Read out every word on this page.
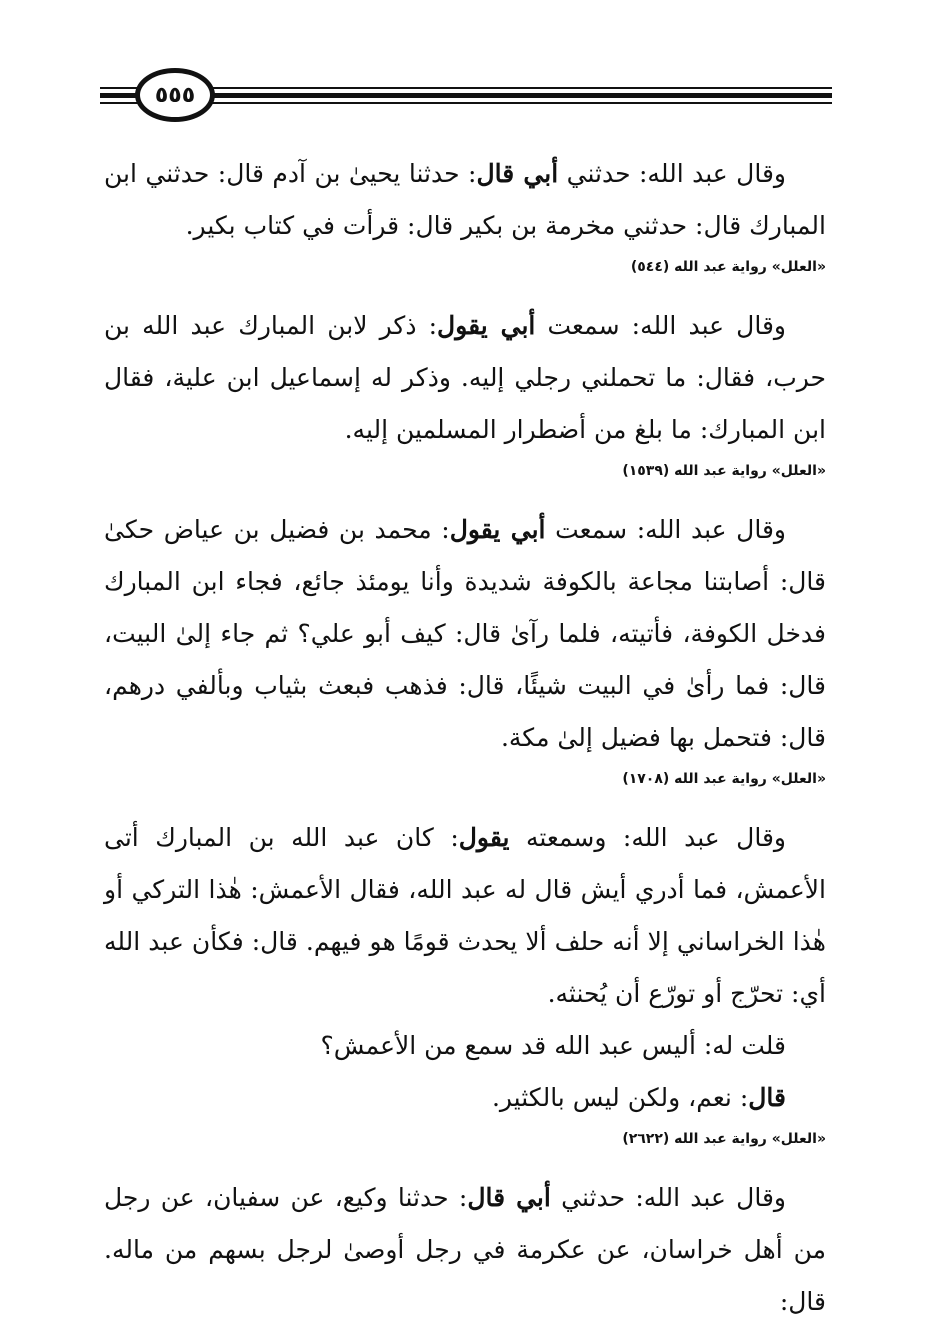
٥٥٥

وقال عبد الله: حدثني أبي قال: حدثنا يحيىٰ بن آدم قال: حدثني ابن المبارك قال: حدثني مخرمة بن بكير قال: قرأت في كتاب بكير.

«العلل» رواية عبد الله (٥٤٤)

وقال عبد الله: سمعت أبي يقول: ذكر لابن المبارك عبد الله بن حرب، فقال: ما تحملني رجلي إليه. وذكر له إسماعيل ابن علية، فقال ابن المبارك: ما بلغ من أضطرار المسلمين إليه.

«العلل» رواية عبد الله (١٥٣٩)

وقال عبد الله: سمعت أبي يقول: محمد بن فضيل بن عياض حكىٰ قال: أصابتنا مجاعة بالكوفة شديدة وأنا يومئذ جائع، فجاء ابن المبارك فدخل الكوفة، فأتيته، فلما رآىٰ قال: كيف أبو علي؟ ثم جاء إلىٰ البيت، قال: فما رأىٰ في البيت شيئًا، قال: فذهب فبعث بثياب وبألفي درهم، قال: فتحمل بها فضيل إلىٰ مكة.

«العلل» رواية عبد الله (١٧٠٨)

وقال عبد الله: وسمعته يقول: كان عبد الله بن المبارك أتى الأعمش، فما أدري أيش قال له عبد الله، فقال الأعمش: هٰذا التركي أو هٰذا الخراساني إلا أنه حلف ألا يحدث قومًا هو فيهم. قال: فكأن عبد الله أي: تحرّج أو تورّع أن يُحنثه.

قلت له: أليس عبد الله قد سمع من الأعمش؟

قال: نعم، ولكن ليس بالكثير.

«العلل» رواية عبد الله (٢٦٢٢)

وقال عبد الله: حدثني أبي قال: حدثنا وكيع، عن سفيان، عن رجل من أهل خراسان، عن عكرمة في رجل أوصىٰ لرجل بسهم من ماله. قال:
